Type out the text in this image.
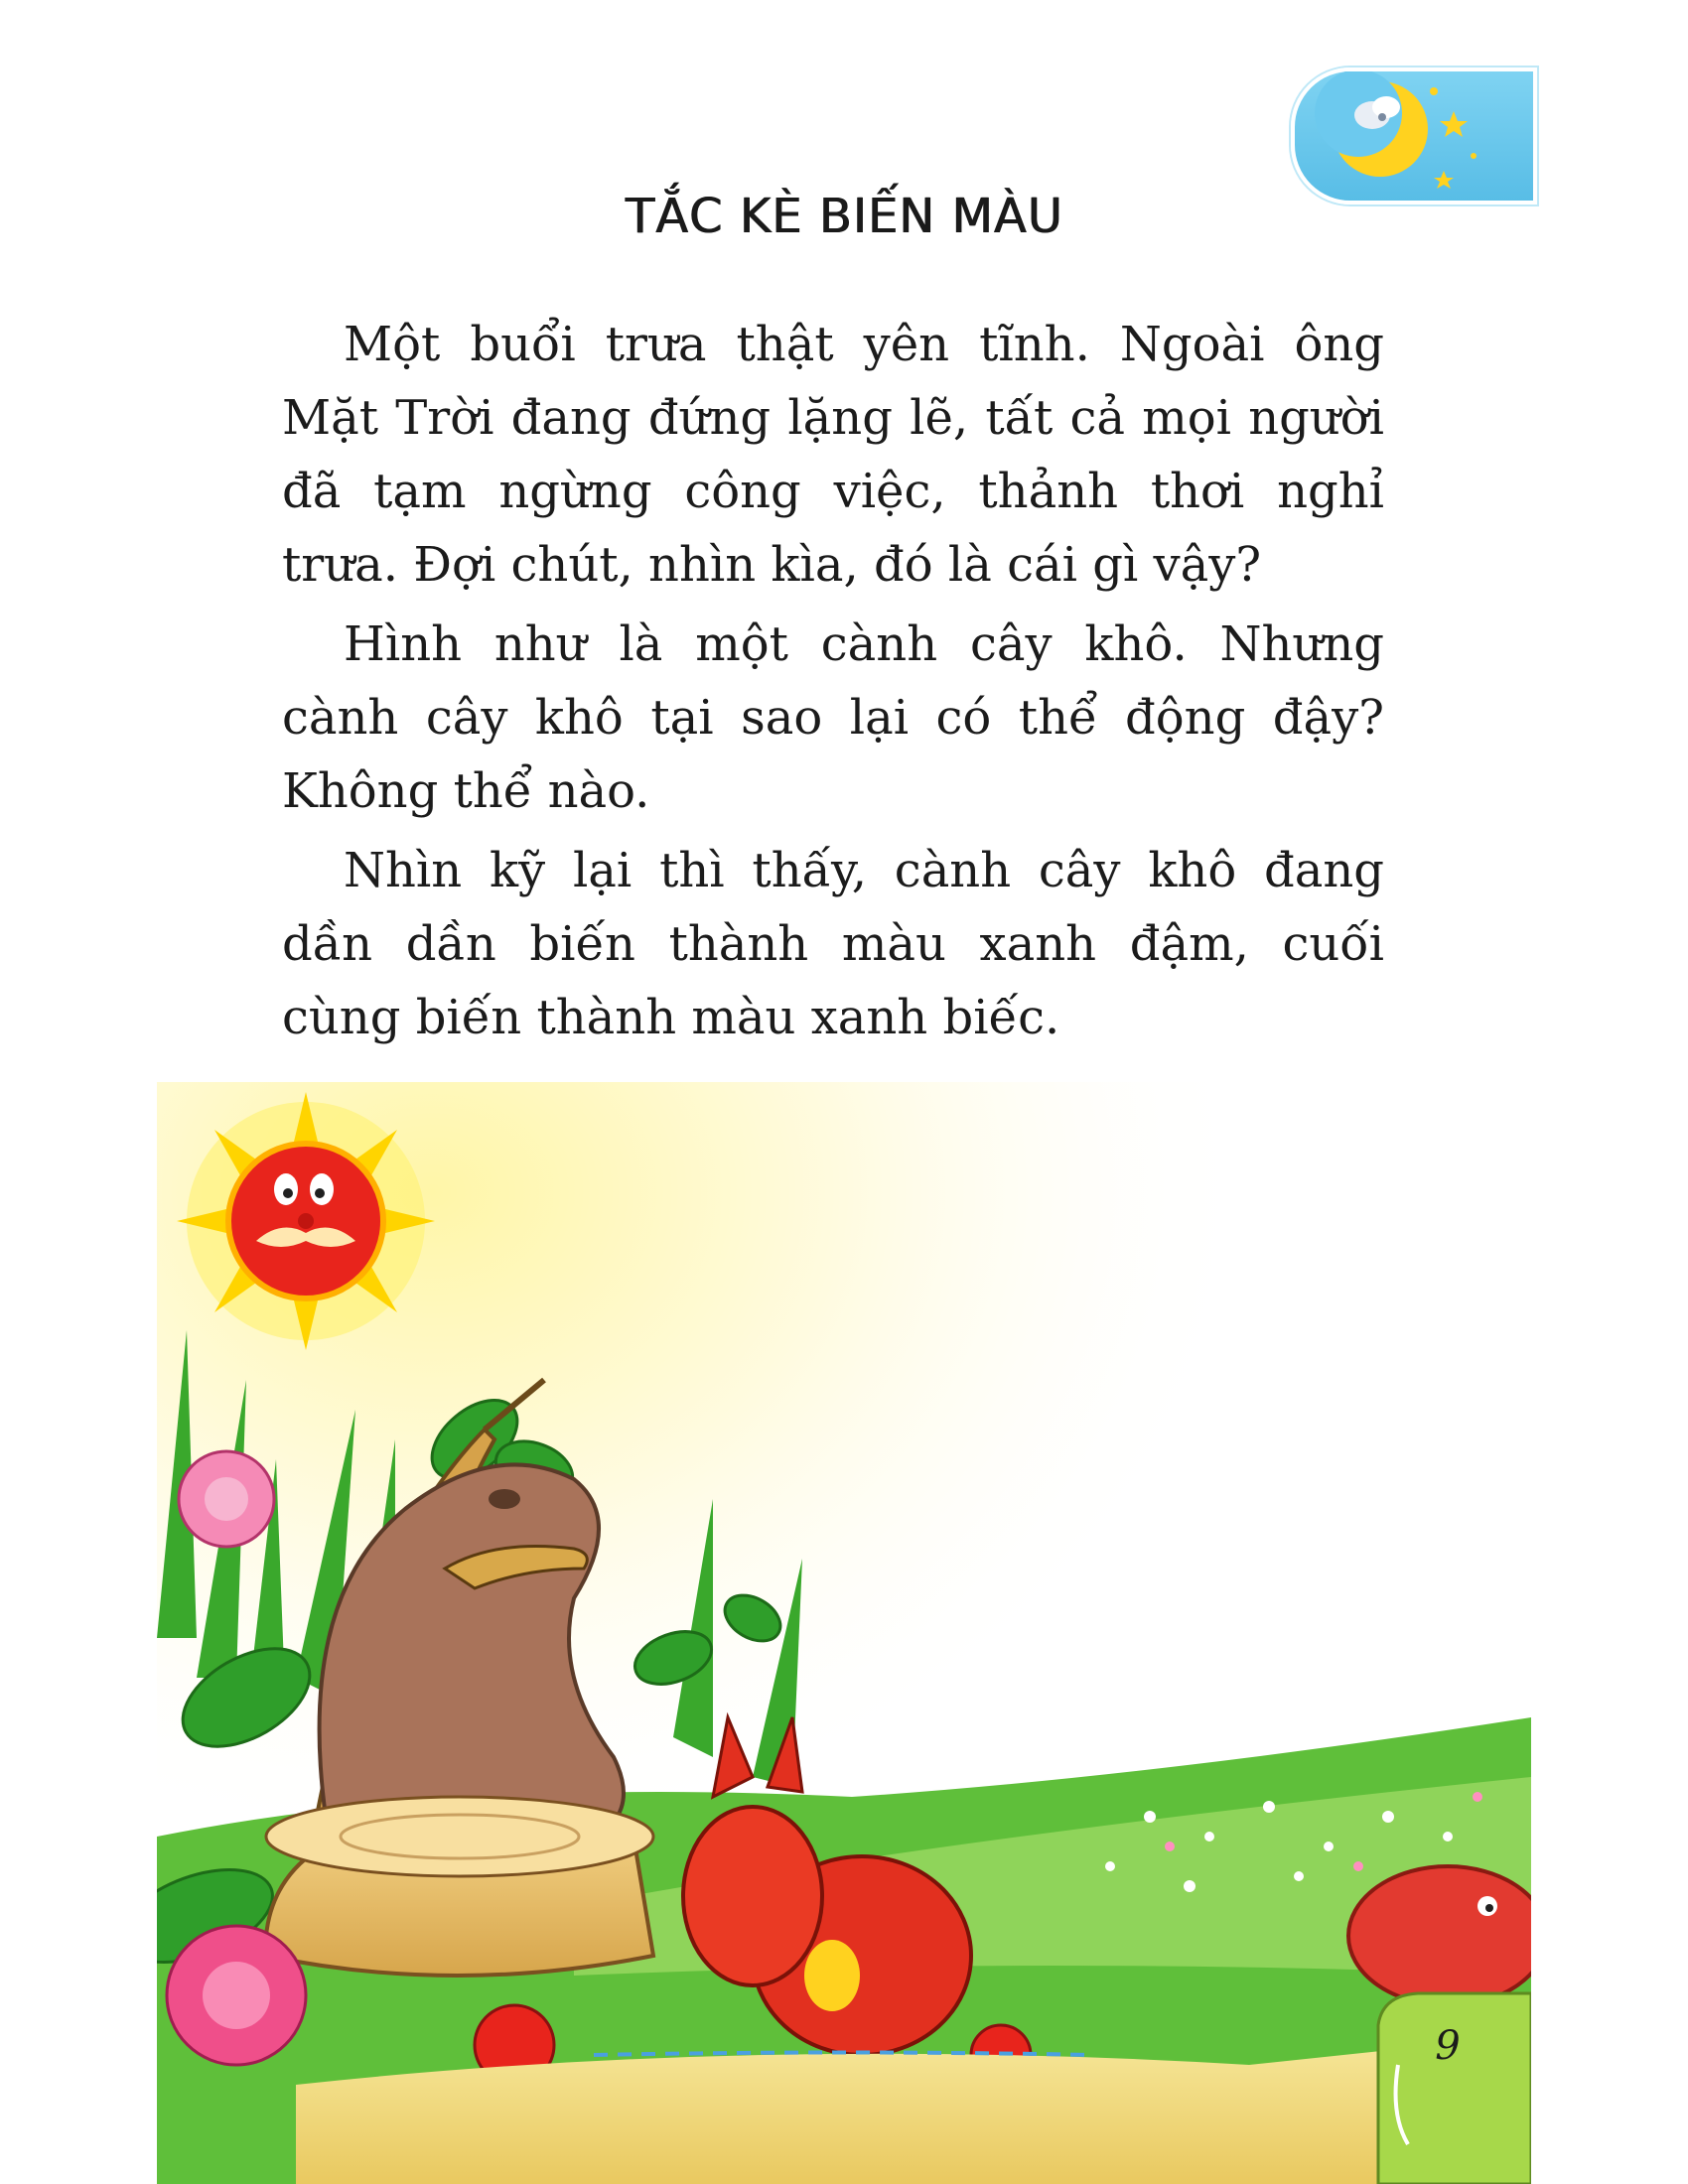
TẮC KÈ BIẾN MÀU

Một buổi trưa thật yên tĩnh. Ngoài ông Mặt Trời đang đứng lặng lẽ, tất cả mọi người đã tạm ngừng công việc, thảnh thơi nghỉ trưa. Đợi chút, nhìn kìa, đó là cái gì vậy?

Hình như là một cành cây khô. Nhưng cành cây khô tại sao lại có thể động đậy? Không thể nào.

Nhìn kỹ lại thì thấy, cành cây khô đang dần dần biến thành màu xanh đậm, cuối cùng biến thành màu xanh biếc.

9
